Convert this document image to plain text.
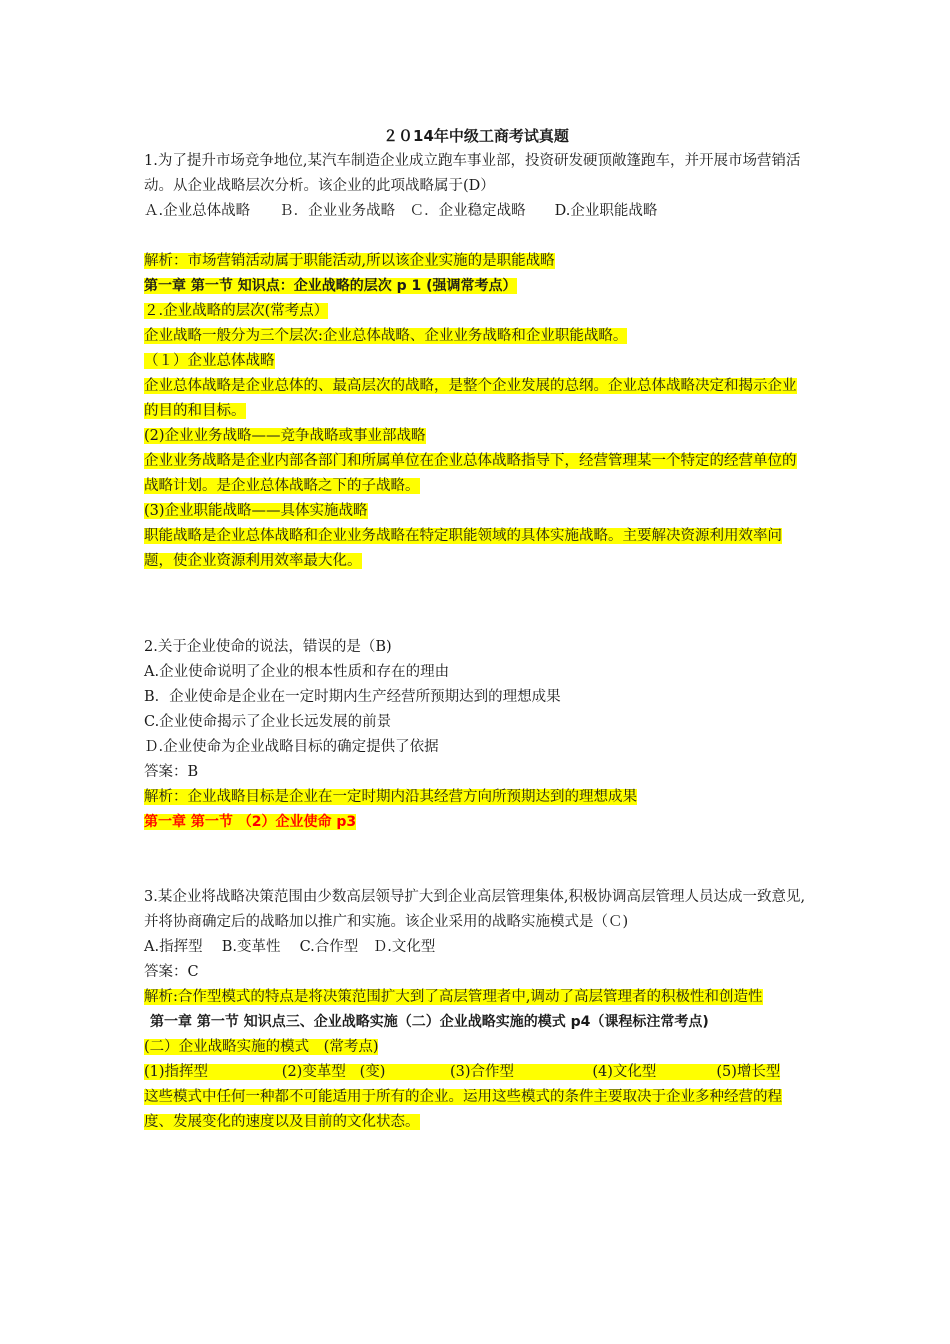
２０14年中级工商考试真题

1.为了提升市场竞争地位,某汽车制造企业成立跑车事业部，投资研发硬顶敞篷跑车，并开展市场营销活动。从企业战略层次分析。该企业的此项战略属于(D）

Ａ.企业总体战略　　Ｂ．企业业务战略　Ｃ．企业稳定战略　　D.企业职能战略

解析：市场营销活动属于职能活动,所以该企业实施的是职能战略

第一章 第一节 知识点：企业战略的层次 p 1 (强调常考点）

２.企业战略的层次(常考点）

企业战略一般分为三个层次:企业总体战略、企业业务战略和企业职能战略。

（１）企业总体战略

企业总体战略是企业总体的、最高层次的战略，是整个企业发展的总纲。企业总体战略决定和揭示企业的目的和目标。

(2)企业业务战略——竞争战略或事业部战略

企业业务战略是企业内部各部门和所属单位在企业总体战略指导下，经营管理某一个特定的经营单位的战略计划。是企业总体战略之下的子战略。

(3)企业职能战略——具体实施战略

职能战略是企业总体战略和企业业务战略在特定职能领域的具体实施战略。主要解决资源利用效率问题，使企业资源利用效率最大化。

2.关于企业使命的说法，错误的是（B)

A.企业使命说明了企业的根本性质和存在的理由

B．企业使命是企业在一定时期内生产经营所预期达到的理想成果

C.企业使命揭示了企业长远发展的前景

Ｄ.企业使命为企业战略目标的确定提供了依据

答案：B

解析：企业战略目标是企业在一定时期内沿其经营方向所预期达到的理想成果

第一章 第一节 （2）企业使命 p3

3.某企业将战略决策范围由少数高层领导扩大到企业高层管理集体,积极协调高层管理人员达成一致意见,并将协商确定后的战略加以推广和实施。该企业采用的战略实施模式是（Ｃ)

A.指挥型　 B.变革性　 C.合作型　Ｄ.文化型

答案：C

解析:合作型模式的特点是将决策范围扩大到了高层管理者中,调动了高层管理者的积极性和创造性

第一章 第一节 知识点三、企业战略实施（二）企业战略实施的模式 p4（课程标注常考点)

(二）企业战略实施的模式　(常考点)

(1)指挥型                (2)变革型   (变)              (3)合作型                 (4)文化型             (5)增长型

这些模式中任何一种都不可能适用于所有的企业。运用这些模式的条件主要取决于企业多种经营的程度、发展变化的速度以及目前的文化状态。
